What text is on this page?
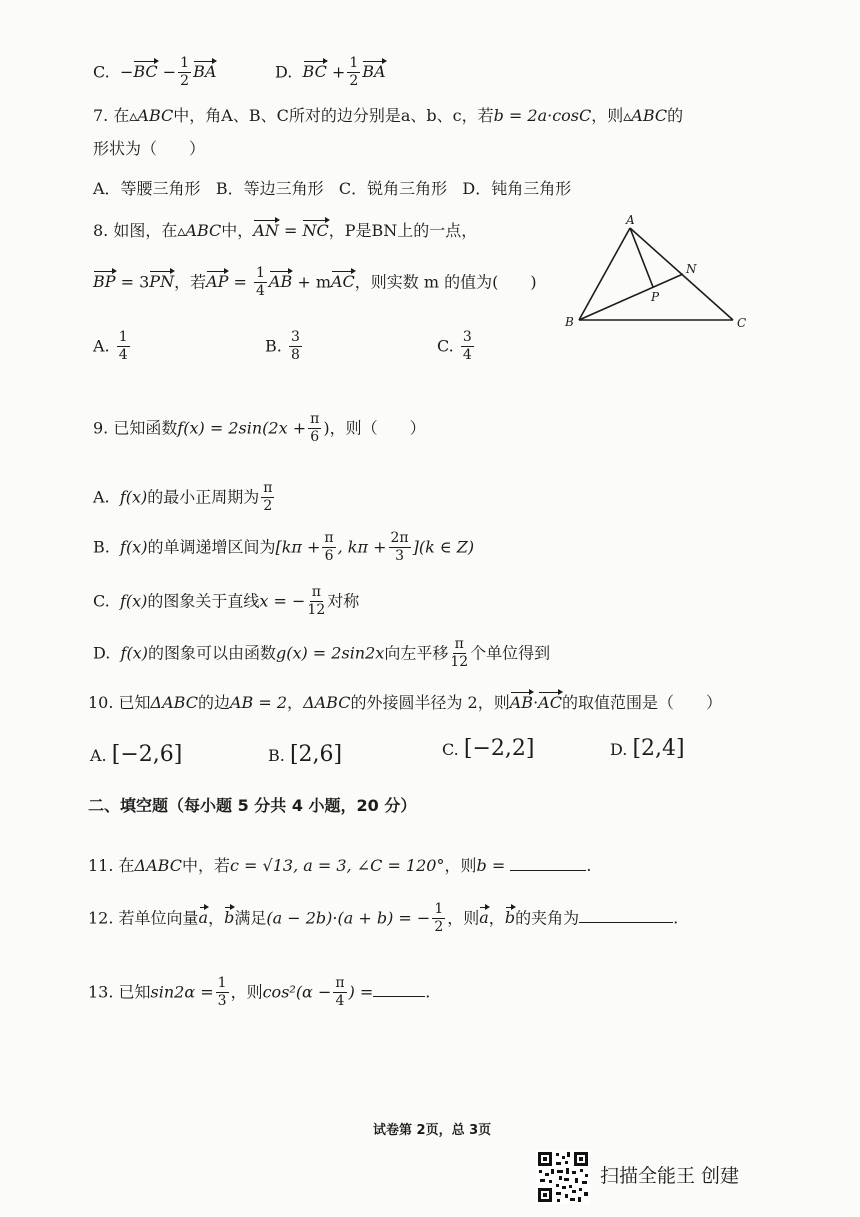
C. $-BC - \frac{1}{2}$ BA	D. BC + $\frac{1}{2}$ BA
7. 在▵ABC中，角A、B、C所对的边分别是a、b、c，若b = 2a·cosC，则▵ABC的
形状为（　　）
A．等腰三角形 B．等边三角形 C．锐角三角形 D．钝角三角形
8. 如图，在▵ABC中，AN = NC，P是BN上的一点，
BP = 3PN，若AP = $\frac{1}{4}$ AB + mAC，则实数 m 的值为(　　)
A. $\frac{1}{4}$	B. $\frac{3}{8}$	C. $\frac{3}{4}$
A
B	C
N
P
9. 已知函数$f(x) = 2\sin(2x + \frac{\pi}{6}$ )，则（　　）
A. f(x)的最小正周期为 $\frac{\pi}{2}$
B. f(x)的单调递增区间为[$k\pi + \frac{\pi}{6}$ , $k\pi + \frac{2\pi}{3} ](k$ ∈ Z)
C. f(x)的图象关于直线x = − $\frac{\pi}{12}$ 对称
D. f(x)的图象可以由函数g(x) = 2sin2x向左平移 $\frac{\pi}{12}$ 个单位得到
10. 已知ΔABC的边AB = 2，ΔABC的外接圆半径为 2，则AB·AC的取值范围是（　　）
A. [−2,6]	B. [2,6]	C. [−2,2]	D. [2,4]
二、填空题（每小题 5 分共 4 小题，20 分）
11. 在ΔABC中，若c = √13, a = 3, ∠C = 120°，则b =	.
12. 若单位向量a，b满足(a − 2b)·(a + b) = − $\frac{1}{2}$ ，则a，b的夹角为	.
13. 已知$\sin 2\alpha = \frac{1}{3}$ ，则$\cos^2(\alpha - \frac{\pi}{4}$ ) =	.
试卷第 2页，总 3页
扫描全能王 创建
